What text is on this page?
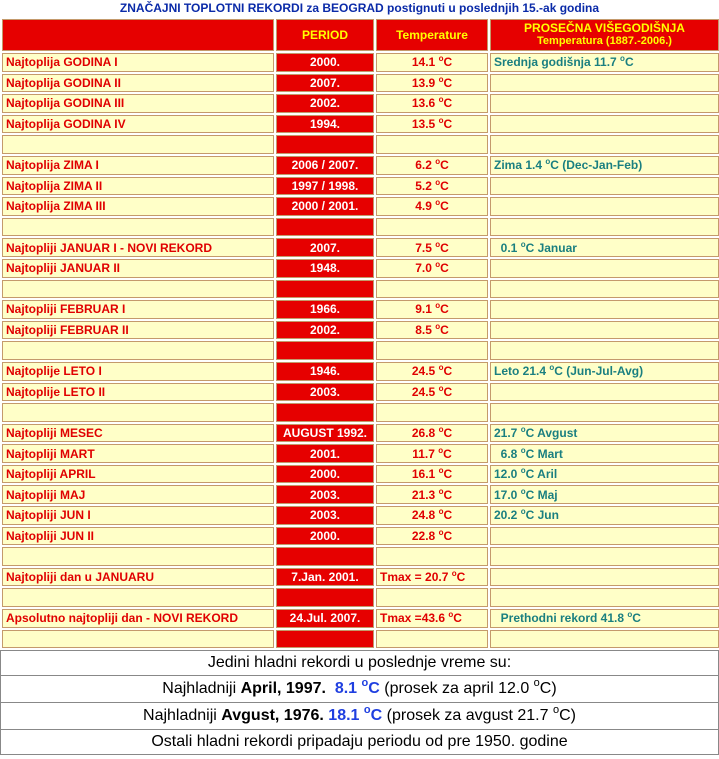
ZNAČAJNI TOPLOTNI REKORDI za BEOGRAD postignuti u poslednjih 15.-ak godina
	PERIOD	Temperature	PROSEČNA VIŠEGODIŠNJA
Temperatura (1887.-2006.)

Najtoplija GODINA I	2000.	14.1 $^o$C	Srednja godišnja 11.7 $^o$C
Najtoplija GODINA II	2007.	13.9 $^o$C	
Najtoplija GODINA III	2002.	13.6 $^o$C	
Najtoplija GODINA IV	1994.	13.5 $^o$C	

Najtoplija ZIMA I	2006 / 2007.	6.2 $^o$C	Zima 1.4 $^o$C (Dec-Jan-Feb)
Najtoplija ZIMA II	1997 / 1998.	5.2 $^o$C	
Najtoplija ZIMA III	2000 / 2001.	4.9 $^o$C	

Najtopliji JANUAR I - NOVI REKORD	2007.	7.5 $^o$C	0.1 $^o$C Januar
Najtopliji JANUAR II	1948.	7.0 $^o$C	

Najtopliji FEBRUAR I	1966.	9.1 $^o$C	
Najtopliji FEBRUAR II	2002.	8.5 $^o$C	

Najtoplije LETO I	1946.	24.5 $^o$C	Leto 21.4 $^o$C (Jun-Jul-Avg)
Najtoplije LETO II	2003.	24.5 $^o$C	

Najtopliji MESEC	AUGUST 1992.	26.8 $^o$C	21.7 $^o$C Avgust
Najtopliji MART	2001.	11.7 $^o$C	6.8 $^o$C Mart
Najtopliji APRIL	2000.	16.1 $^o$C	12.0 $^o$C Aril
Najtopliji MAJ	2003.	21.3 $^o$C	17.0 $^o$C Maj
Najtopliji JUN I	2003.	24.8 $^o$C	20.2 $^o$C Jun
Najtopliji JUN II	2000.	22.8 $^o$C	

Najtopliji dan u JANUARU	7.Jan. 2001.	Tmax = 20.7 $^o$C	

Apsolutno najtopliji dan - NOVI REKORD	24.Jul. 2007.	Tmax =43.6 $^o$C	Prethodni rekord 41.8 $^o$C

Jedini hladni rekordi u poslednje vreme su:
Najhladniji April, 1997. 8.1 $^o$C (prosek za april 12.0 $^o$C)
Najhladniji Avgust, 1976. 18.1 $^o$C (prosek za avgust 21.7 $^o$C)
Ostali hladni rekordi pripadaju periodu od pre 1950. godine
